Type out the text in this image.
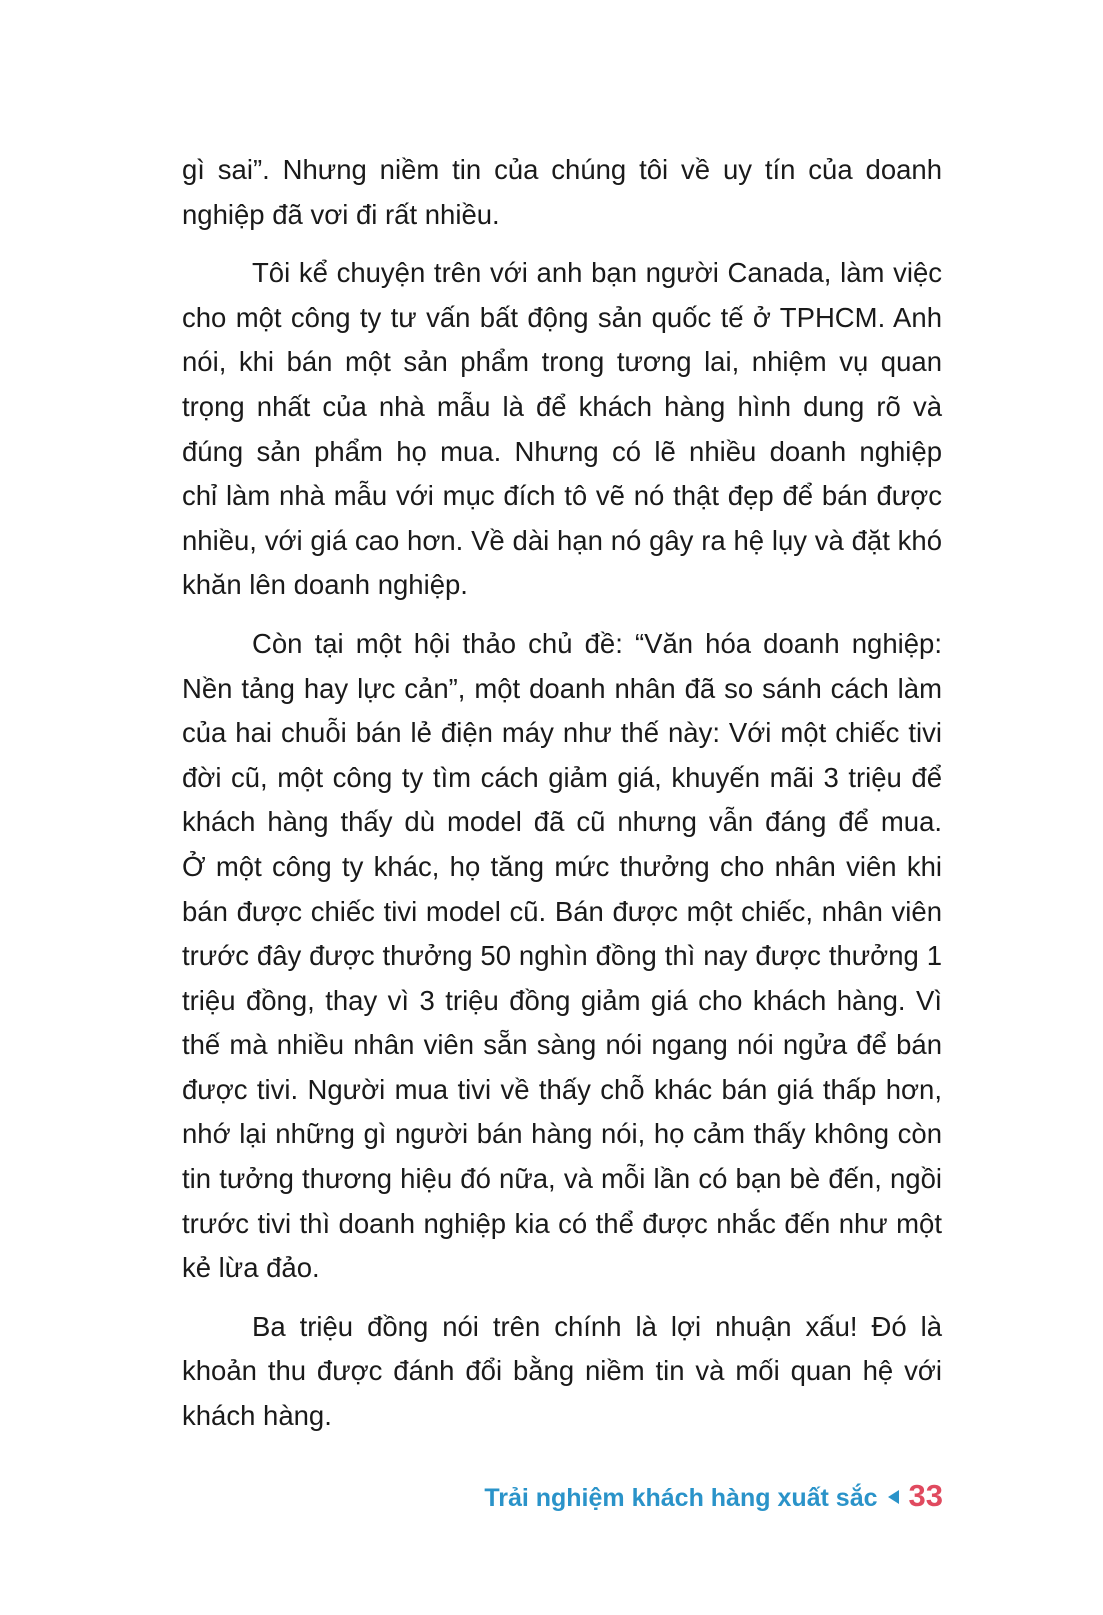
gì sai”. Nhưng niềm tin của chúng tôi về uy tín của doanh
nghiệp đã vơi đi rất nhiều.
Tôi kể chuyện trên với anh bạn người Canada, làm việc
cho một công ty tư vấn bất động sản quốc tế ở TPHCM. Anh
nói, khi bán một sản phẩm trong tương lai, nhiệm vụ quan
trọng nhất của nhà mẫu là để khách hàng hình dung rõ và
đúng sản phẩm họ mua. Nhưng có lẽ nhiều doanh nghiệp
chỉ làm nhà mẫu với mục đích tô vẽ nó thật đẹp để bán được
nhiều, với giá cao hơn. Về dài hạn nó gây ra hệ lụy và đặt khó
khăn lên doanh nghiệp.
Còn tại một hội thảo chủ đề: “Văn hóa doanh nghiệp:
Nền tảng hay lực cản”, một doanh nhân đã so sánh cách làm
của hai chuỗi bán lẻ điện máy như thế này: Với một chiếc tivi
đời cũ, một công ty tìm cách giảm giá, khuyến mãi 3 triệu để
khách hàng thấy dù model đã cũ nhưng vẫn đáng để mua.
Ở một công ty khác, họ tăng mức thưởng cho nhân viên khi
bán được chiếc tivi model cũ. Bán được một chiếc, nhân viên
trước đây được thưởng 50 nghìn đồng thì nay được thưởng 1
triệu đồng, thay vì 3 triệu đồng giảm giá cho khách hàng. Vì
thế mà nhiều nhân viên sẵn sàng nói ngang nói ngửa để bán
được tivi. Người mua tivi về thấy chỗ khác bán giá thấp hơn,
nhớ lại những gì người bán hàng nói, họ cảm thấy không còn
tin tưởng thương hiệu đó nữa, và mỗi lần có bạn bè đến, ngồi
trước tivi thì doanh nghiệp kia có thể được nhắc đến như một
kẻ lừa đảo.
Ba triệu đồng nói trên chính là lợi nhuận xấu! Đó là
khoản thu được đánh đổi bằng niềm tin và mối quan hệ với
khách hàng.
Trải nghiệm khách hàng xuất sắc 33
